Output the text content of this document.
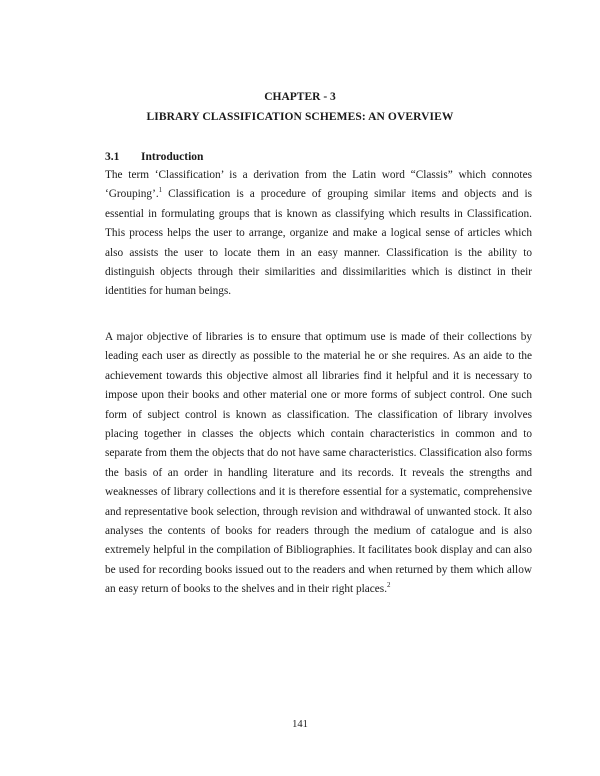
CHAPTER - 3
LIBRARY CLASSIFICATION SCHEMES: AN OVERVIEW
3.1 Introduction

The term ‘Classification’ is a derivation from the Latin word “Classis” which connotes ‘Grouping’.$^1$ Classification is a procedure of grouping similar items and objects and is essential in formulating groups that is known as classifying which results in Classification. This process helps the user to arrange, organize and make a logical sense of articles which also assists the user to locate them in an easy manner. Classification is the ability to distinguish objects through their similarities and dissimilarities which is distinct in their identities for human beings.

A major objective of libraries is to ensure that optimum use is made of their collections by leading each user as directly as possible to the material he or she requires. As an aide to the achievement towards this objective almost all libraries find it helpful and it is necessary to impose upon their books and other material one or more forms of subject control. One such form of subject control is known as classification. The classification of library involves placing together in classes the objects which contain characteristics in common and to separate from them the objects that do not have same characteristics. Classification also forms the basis of an order in handling literature and its records. It reveals the strengths and weaknesses of library collections and it is therefore essential for a systematic, comprehensive and representative book selection, through revision and withdrawal of unwanted stock. It also analyses the contents of books for readers through the medium of catalogue and is also extremely helpful in the compilation of Bibliographies. It facilitates book display and can also be used for recording books issued out to the readers and when returned by them which allow an easy return of books to the shelves and in their right places.$^2$

141
